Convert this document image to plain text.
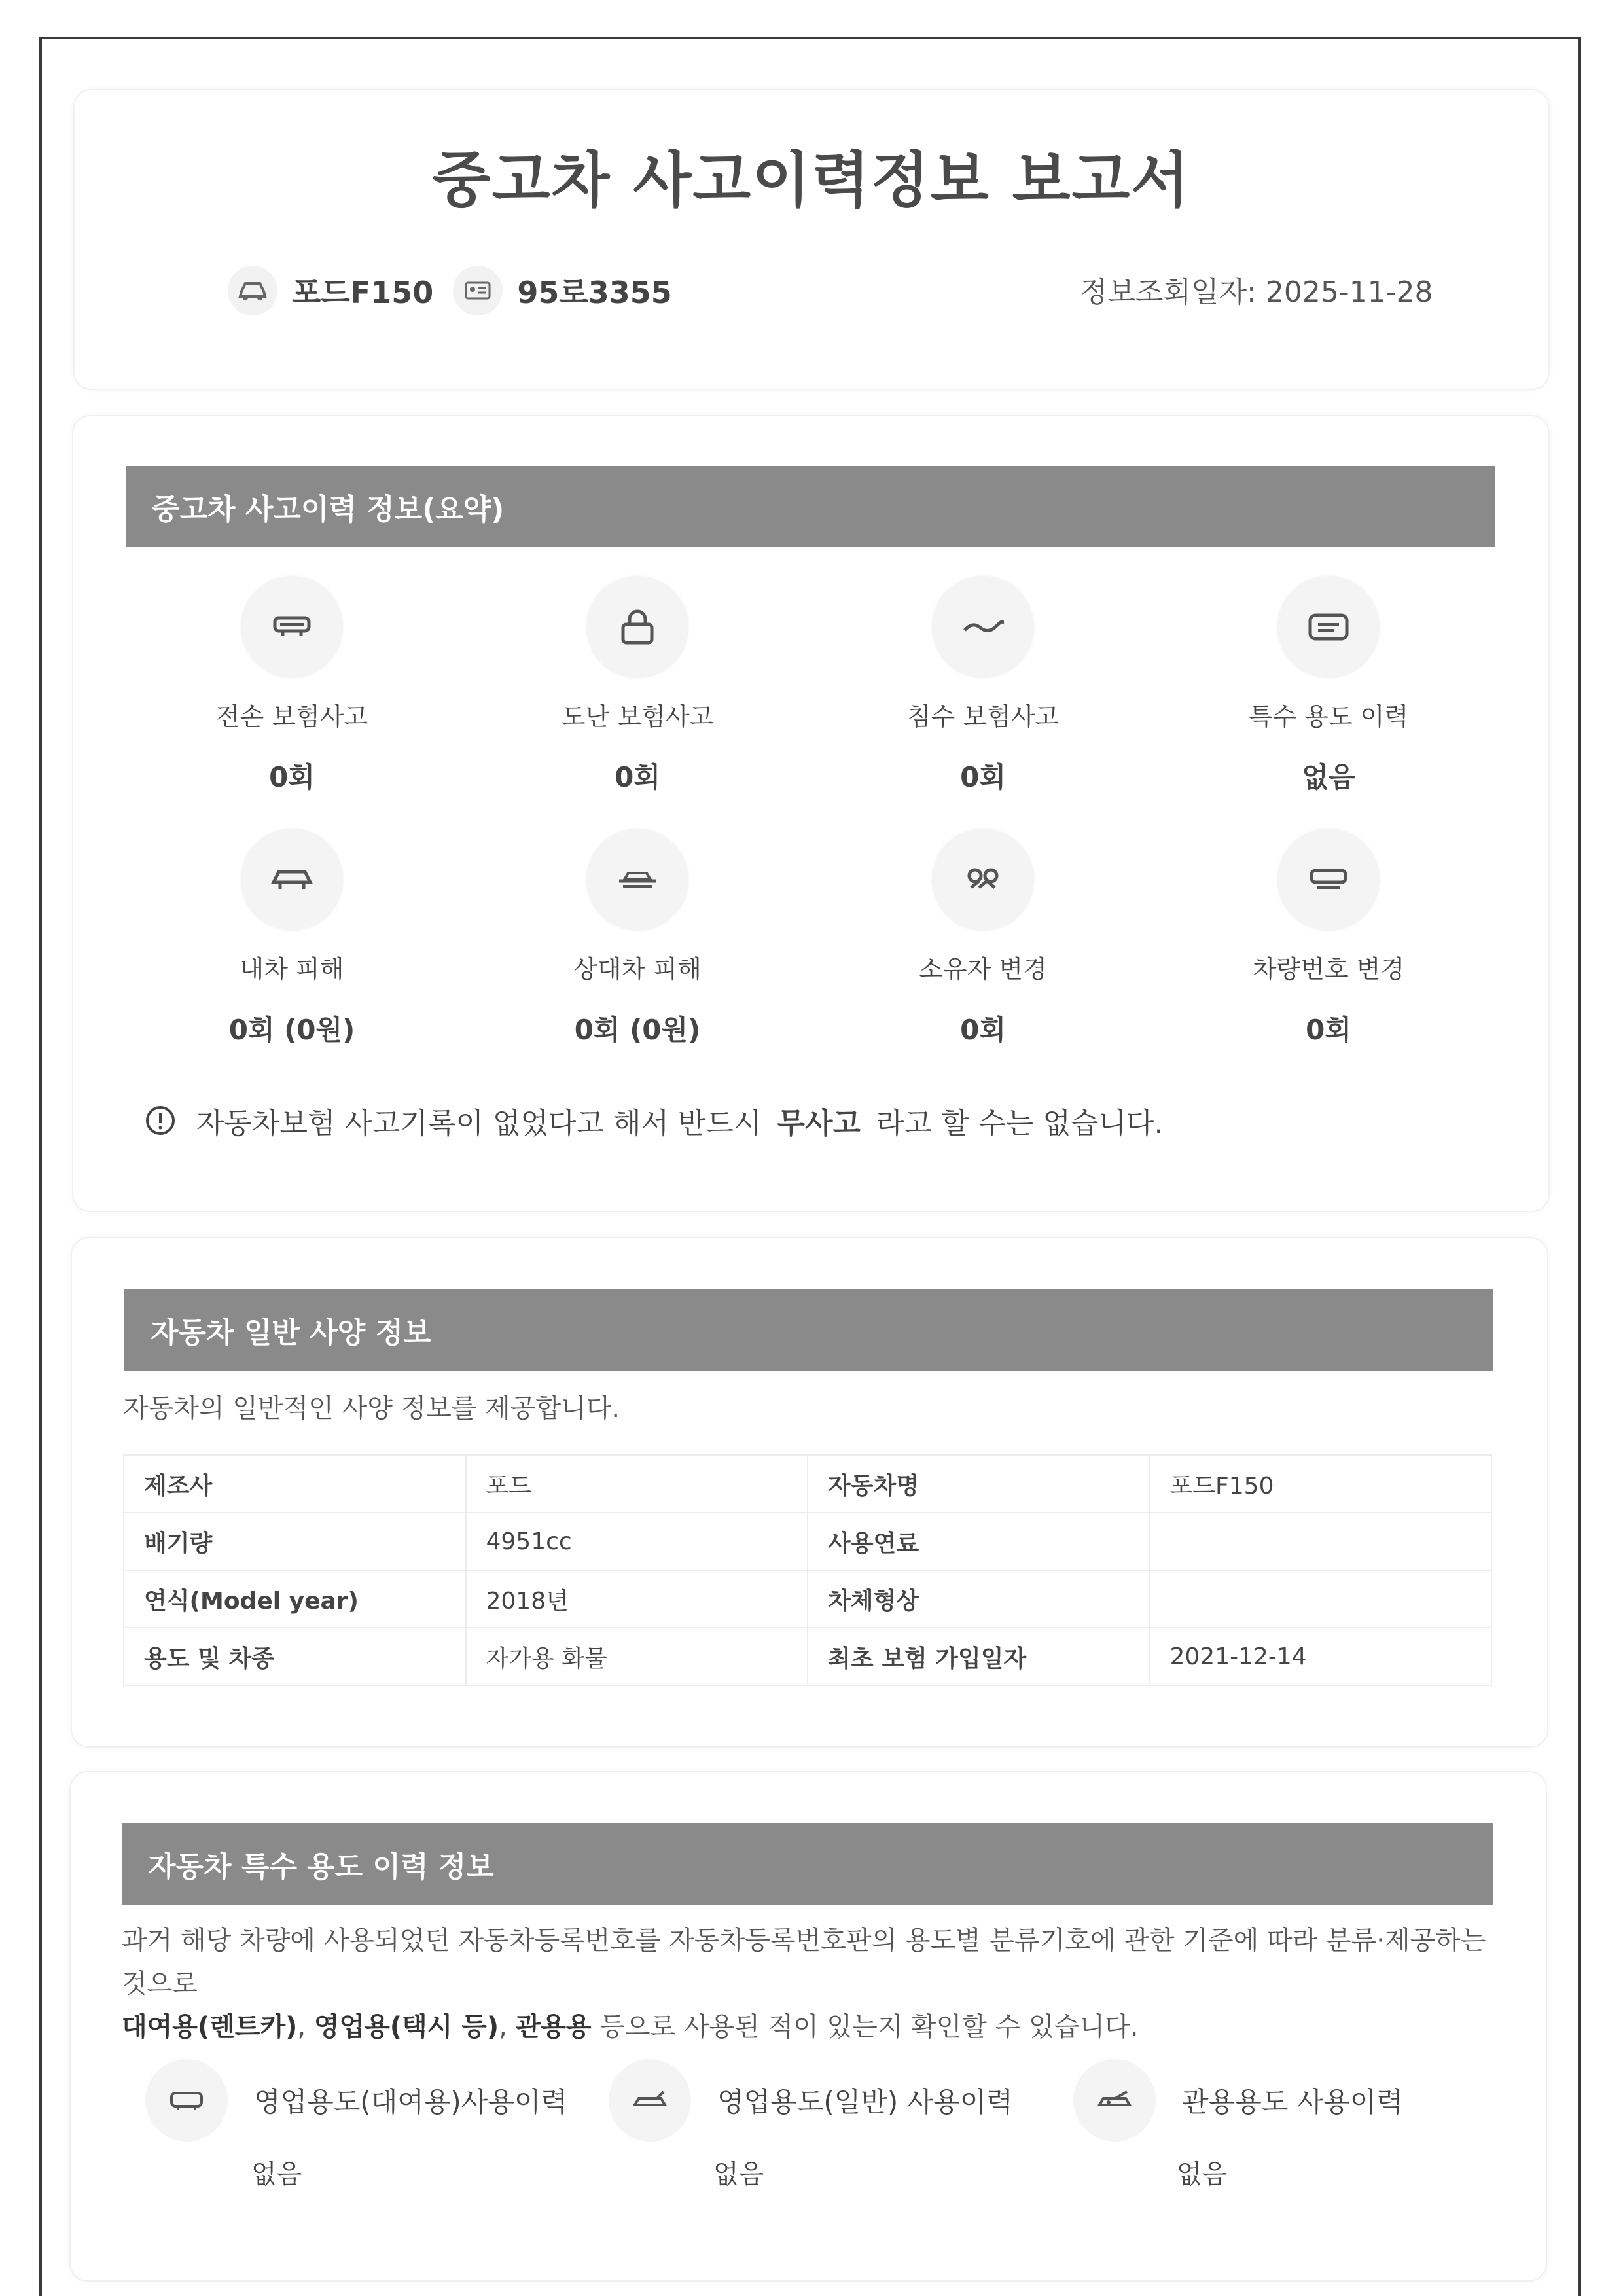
중고차 사고이력정보 보고서
포드F150	95로3355	정보조회일자: 2025-11-28
중고차 사고이력 정보(요약)
전손 보험사고
0회
도난 보험사고
0회
침수 보험사고
0회
특수 용도 이력
없음
내차 피해
0회 (0원)
상대차 피해
0회 (0원)
소유자 변경
0회
차량번호 변경
0회
자동차보험 사고기록이 없었다고 해서 반드시 무사고 라고 할 수는 없습니다.
자동차 일반 사양 정보
자동차의 일반적인 사양 정보를 제공합니다.
제조사	포드	자동차명	포드F150
배기량	4951cc	사용연료	
연식(Model year)	2018년	차체형상	
용도 및 차종	자가용 화물	최초 보험 가입일자	2021-12-14
자동차 특수 용도 이력 정보
과거 해당 차량에 사용되었던 자동차등록번호를 자동차등록번호판의 용도별 분류기호에 관한 기준에 따라 분류·제공하는 것으로
대여용(렌트카), 영업용(택시 등), 관용용 등으로 사용된 적이 있는지 확인할 수 있습니다.
영업용도(대여용)사용이력
없음
영업용도(일반) 사용이력
없음
관용용도 사용이력
없음
